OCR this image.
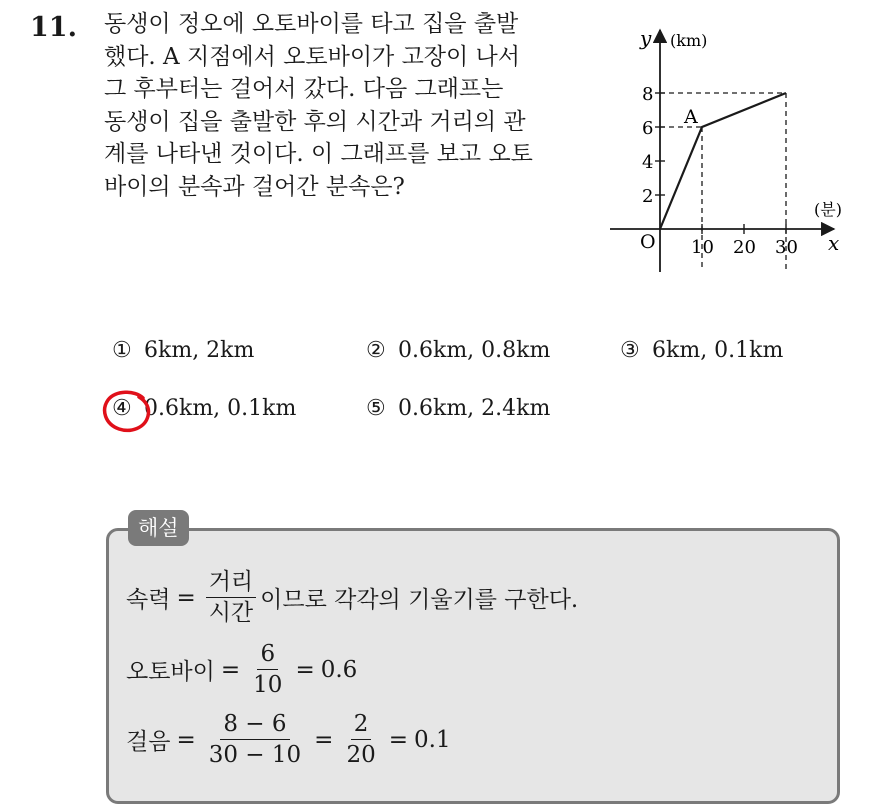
11. 동생이 정오에 오토바이를 타고 집을 출발
했다. A 지점에서 오토바이가 고장이 나서
그 후부터는 걸어서 갔다. 다음 그래프는
동생이 집을 출발한 후의 시간과 거리의 관
계를 나타낸 것이다. 이 그래프를 보고 오토
바이의 분속과 걸어간 분속은?
y (km)
(분)
x
O
2
4
6
8
10 20 30
A
① 6km, 2km	② 0.6km, 0.8km	③ 6km, 0.1km
④ 0.6km, 0.1km	⑤ 0.6km, 2.4km
해설
속력 = $\frac{\text{거리}}{\text{시간}}$ 이므로 각각의 기울기를 구한다.
오토바이 = $\frac{6}{10} = 0.6$
걸음 = $\frac{8 - 6}{30 - 10} = \frac{2}{20} = 0.1$
